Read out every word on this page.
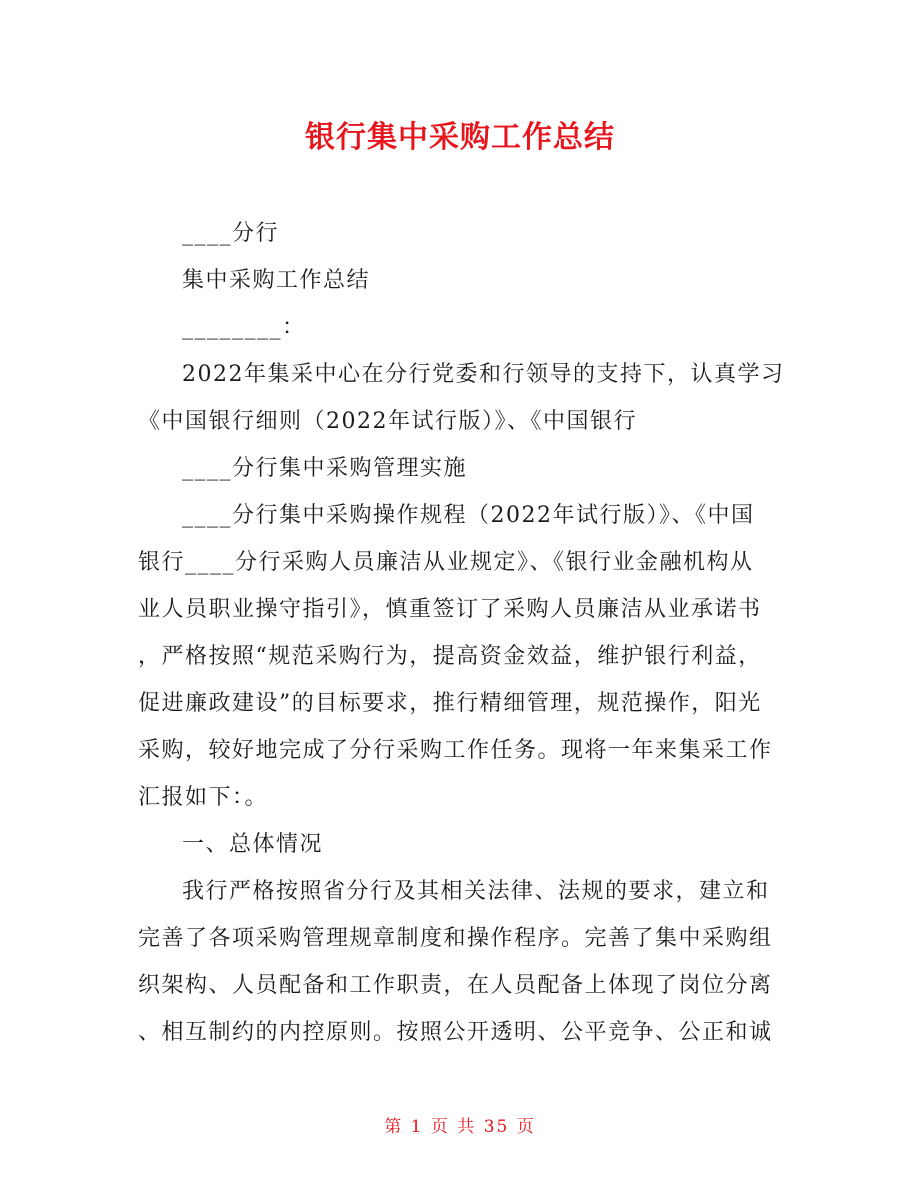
银行集中采购工作总结
____分行
集中采购工作总结
________：
2022年集采中心在分行党委和行领导的支持下，认真学习
《中国银行细则（2022年试行版）》、《中国银行
____分行集中采购管理实施
____分行集中采购操作规程（2022年试行版）》、《中国
银行____分行采购人员廉洁从业规定》、《银行业金融机构从
业人员职业操守指引》，慎重签订了采购人员廉洁从业承诺书
，严格按照“规范采购行为，提高资金效益，维护银行利益，
促进廉政建设”的目标要求，推行精细管理，规范操作，阳光
采购，较好地完成了分行采购工作任务。现将一年来集采工作
汇报如下：。
一、总体情况
我行严格按照省分行及其相关法律、法规的要求，建立和
完善了各项采购管理规章制度和操作程序。完善了集中采购组
织架构、人员配备和工作职责，在人员配备上体现了岗位分离
、相互制约的内控原则。按照公开透明、公平竞争、公正和诚
第 1 页 共 35 页
